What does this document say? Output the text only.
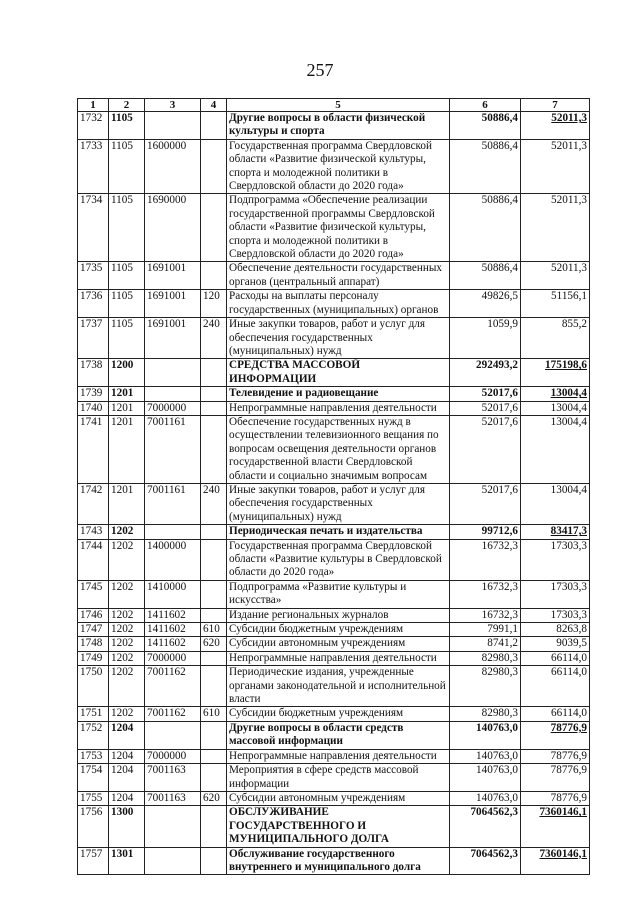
257
1	2	3	4	5	6	7
1732	1105			Другие вопросы в области физической культуры и спорта	50886,4	52011,3
1733	1105	1600000		Государственная программа Свердловской области «Развитие физической культуры, спорта и молодежной политики в Свердловской области до 2020 года»	50886,4	52011,3
1734	1105	1690000		Подпрограмма «Обеспечение реализации государственной программы Свердловской области «Развитие физической культуры, спорта и молодежной политики в Свердловской области до 2020 года»	50886,4	52011,3
1735	1105	1691001		Обеспечение деятельности государственных органов (центральный аппарат)	50886,4	52011,3
1736	1105	1691001	120	Расходы на выплаты персоналу государственных (муниципальных) органов	49826,5	51156,1
1737	1105	1691001	240	Иные закупки товаров, работ и услуг для обеспечения государственных (муниципальных) нужд	1059,9	855,2
1738	1200			СРЕДСТВА МАССОВОЙ ИНФОРМАЦИИ	292493,2	175198,6
1739	1201			Телевидение и радиовещание	52017,6	13004,4
1740	1201	7000000		Непрограммные направления деятельности	52017,6	13004,4
1741	1201	7001161		Обеспечение государственных нужд в осуществлении телевизионного вещания по вопросам освещения деятельности органов государственной власти Свердловской области и социально значимым вопросам	52017,6	13004,4
1742	1201	7001161	240	Иные закупки товаров, работ и услуг для обеспечения государственных (муниципальных) нужд	52017,6	13004,4
1743	1202			Периодическая печать и издательства	99712,6	83417,3
1744	1202	1400000		Государственная программа Свердловской области «Развитие культуры в Свердловской области до 2020 года»	16732,3	17303,3
1745	1202	1410000		Подпрограмма «Развитие культуры и искусства»	16732,3	17303,3
1746	1202	1411602		Издание региональных журналов	16732,3	17303,3
1747	1202	1411602	610	Субсидии бюджетным учреждениям	7991,1	8263,8
1748	1202	1411602	620	Субсидии автономным учреждениям	8741,2	9039,5
1749	1202	7000000		Непрограммные направления деятельности	82980,3	66114,0
1750	1202	7001162		Периодические издания, учрежденные органами законодательной и исполнительной власти	82980,3	66114,0
1751	1202	7001162	610	Субсидии бюджетным учреждениям	82980,3	66114,0
1752	1204			Другие вопросы в области средств массовой информации	140763,0	78776,9
1753	1204	7000000		Непрограммные направления деятельности	140763,0	78776,9
1754	1204	7001163		Мероприятия в сфере средств массовой информации	140763,0	78776,9
1755	1204	7001163	620	Субсидии автономным учреждениям	140763,0	78776,9
1756	1300			ОБСЛУЖИВАНИЕ ГОСУДАРСТВЕННОГО И МУНИЦИПАЛЬНОГО ДОЛГА	7064562,3	7360146,1
1757	1301			Обслуживание государственного внутреннего и муниципального долга	7064562,3	7360146,1
